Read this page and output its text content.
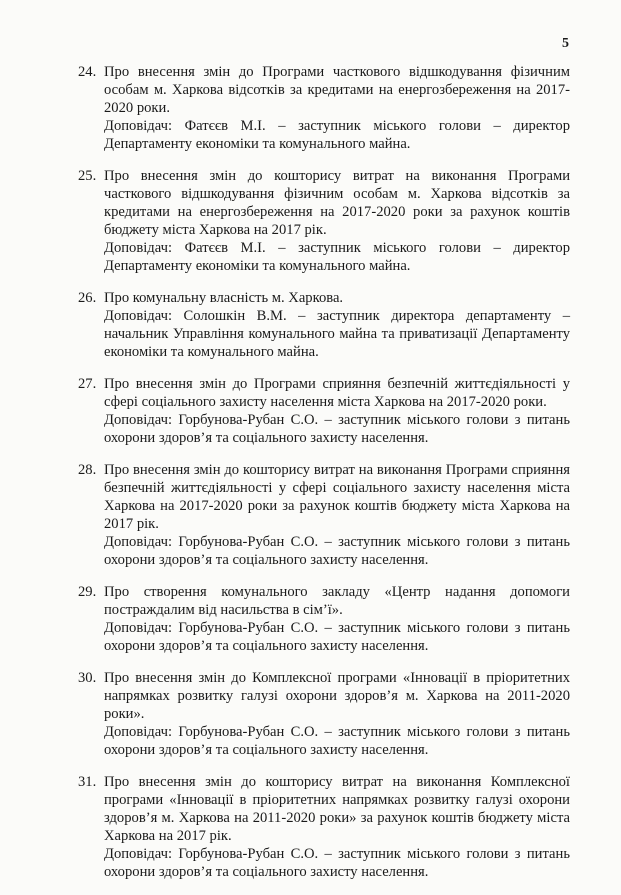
5
24. Про внесення змін до Програми часткового відшкодування фізичним особам м. Харкова відсотків за кредитами на енергозбереження на 2017-2020 роки.
Доповідач: Фатєєв М.І. – заступник міського голови – директор Департаменту економіки та комунального майна.
25. Про внесення змін до кошторису витрат на виконання Програми часткового відшкодування фізичним особам м. Харкова відсотків за кредитами на енергозбереження на 2017-2020 роки за рахунок коштів бюджету міста Харкова на 2017 рік.
Доповідач: Фатєєв М.І. – заступник міського голови – директор Департаменту економіки та комунального майна.
26. Про комунальну власність м. Харкова.
Доповідач: Солошкін В.М. – заступник директора департаменту – начальник Управління комунального майна та приватизації Департаменту економіки та комунального майна.
27. Про внесення змін до Програми сприяння безпечній життєдіяльності у сфері соціального захисту населення міста Харкова на 2017-2020 роки.
Доповідач: Горбунова-Рубан С.О. – заступник міського голови з питань охорони здоров’я та соціального захисту населення.
28. Про внесення змін до кошторису витрат на виконання Програми сприяння безпечній життєдіяльності у сфері соціального захисту населення міста Харкова на 2017-2020 роки за рахунок коштів бюджету міста Харкова на 2017 рік.
Доповідач: Горбунова-Рубан С.О. – заступник міського голови з питань охорони здоров’я та соціального захисту населення.
29. Про створення комунального закладу «Центр надання допомоги постраждалим від насильства в сім’ї».
Доповідач: Горбунова-Рубан С.О. – заступник міського голови з питань охорони здоров’я та соціального захисту населення.
30. Про внесення змін до Комплексної програми «Інновації в пріоритетних напрямках розвитку галузі охорони здоров’я м. Харкова на 2011-2020 роки».
Доповідач: Горбунова-Рубан С.О. – заступник міського голови з питань охорони здоров’я та соціального захисту населення.
31. Про внесення змін до кошторису витрат на виконання Комплексної програми «Інновації в пріоритетних напрямках розвитку галузі охорони здоров’я м. Харкова на 2011-2020 роки» за рахунок коштів бюджету міста Харкова на 2017 рік.
Доповідач: Горбунова-Рубан С.О. – заступник міського голови з питань охорони здоров’я та соціального захисту населення.
